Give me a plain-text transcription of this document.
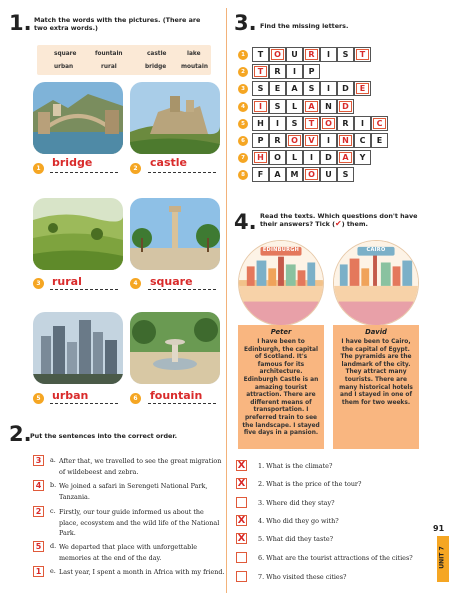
1. Match the words with the pictures. (There are two extra words.)
square	fountain	castle	lake
urban	rural	bridge	moutain
1	bridge	2	castle
3	rural	4	square
5	urban	6	fountain
2.
Put the sentences into the correct order.
3	a. After that, we travelled to see the great migration of wildebeest and zebra.
4	b. We joined a safari in Serengeti National Park, Tanzania.
2	c. Firstly, our tour guide informed us about the place, ecosystem and the wild life of the National Park.
5	d. We departed that place with unforgettable memories at the end of the day.
1	e. Last year, I spent a month in Africa with my friend.
3. Find the missing letters.
1	T	O	U	R	I	S	T
2	T	R	I	P
3	S	E	A	S	I	D	E
4	I	S	L	A	N	D
5	H	I	S	T	O	R	I	C
6	P	R	O	V	I	N	C	E
7	H	O	L	I	D	A	Y
8	F	A	M	O	U	S
4. Read the texts. Which questions don't have their answers? Tick (✔) them.
EDINBURGH	CAIRO
Peter
I have been to Edinburgh, the capital of Scotland. It's famous for its architecture. Edinburgh Castle is an amazing tourist attraction. There are different means of transportation. I preferred train to see the landscape. I stayed five days in a pansion.
David
I have been to Cairo, the capital of Egypt. The pyramids are the landmark of the city. They attract many tourists. There are many historical hotels and I stayed in one of them for two weeks.
X 1. What is the climate?
X 2. What is the price of the tour?
3. Where did they stay?
X 4. Who did they go with?
X 5. What did they taste?
6. What are the tourist attractions of the cities?
7. Who visited these cities?
91
UNIT 7
